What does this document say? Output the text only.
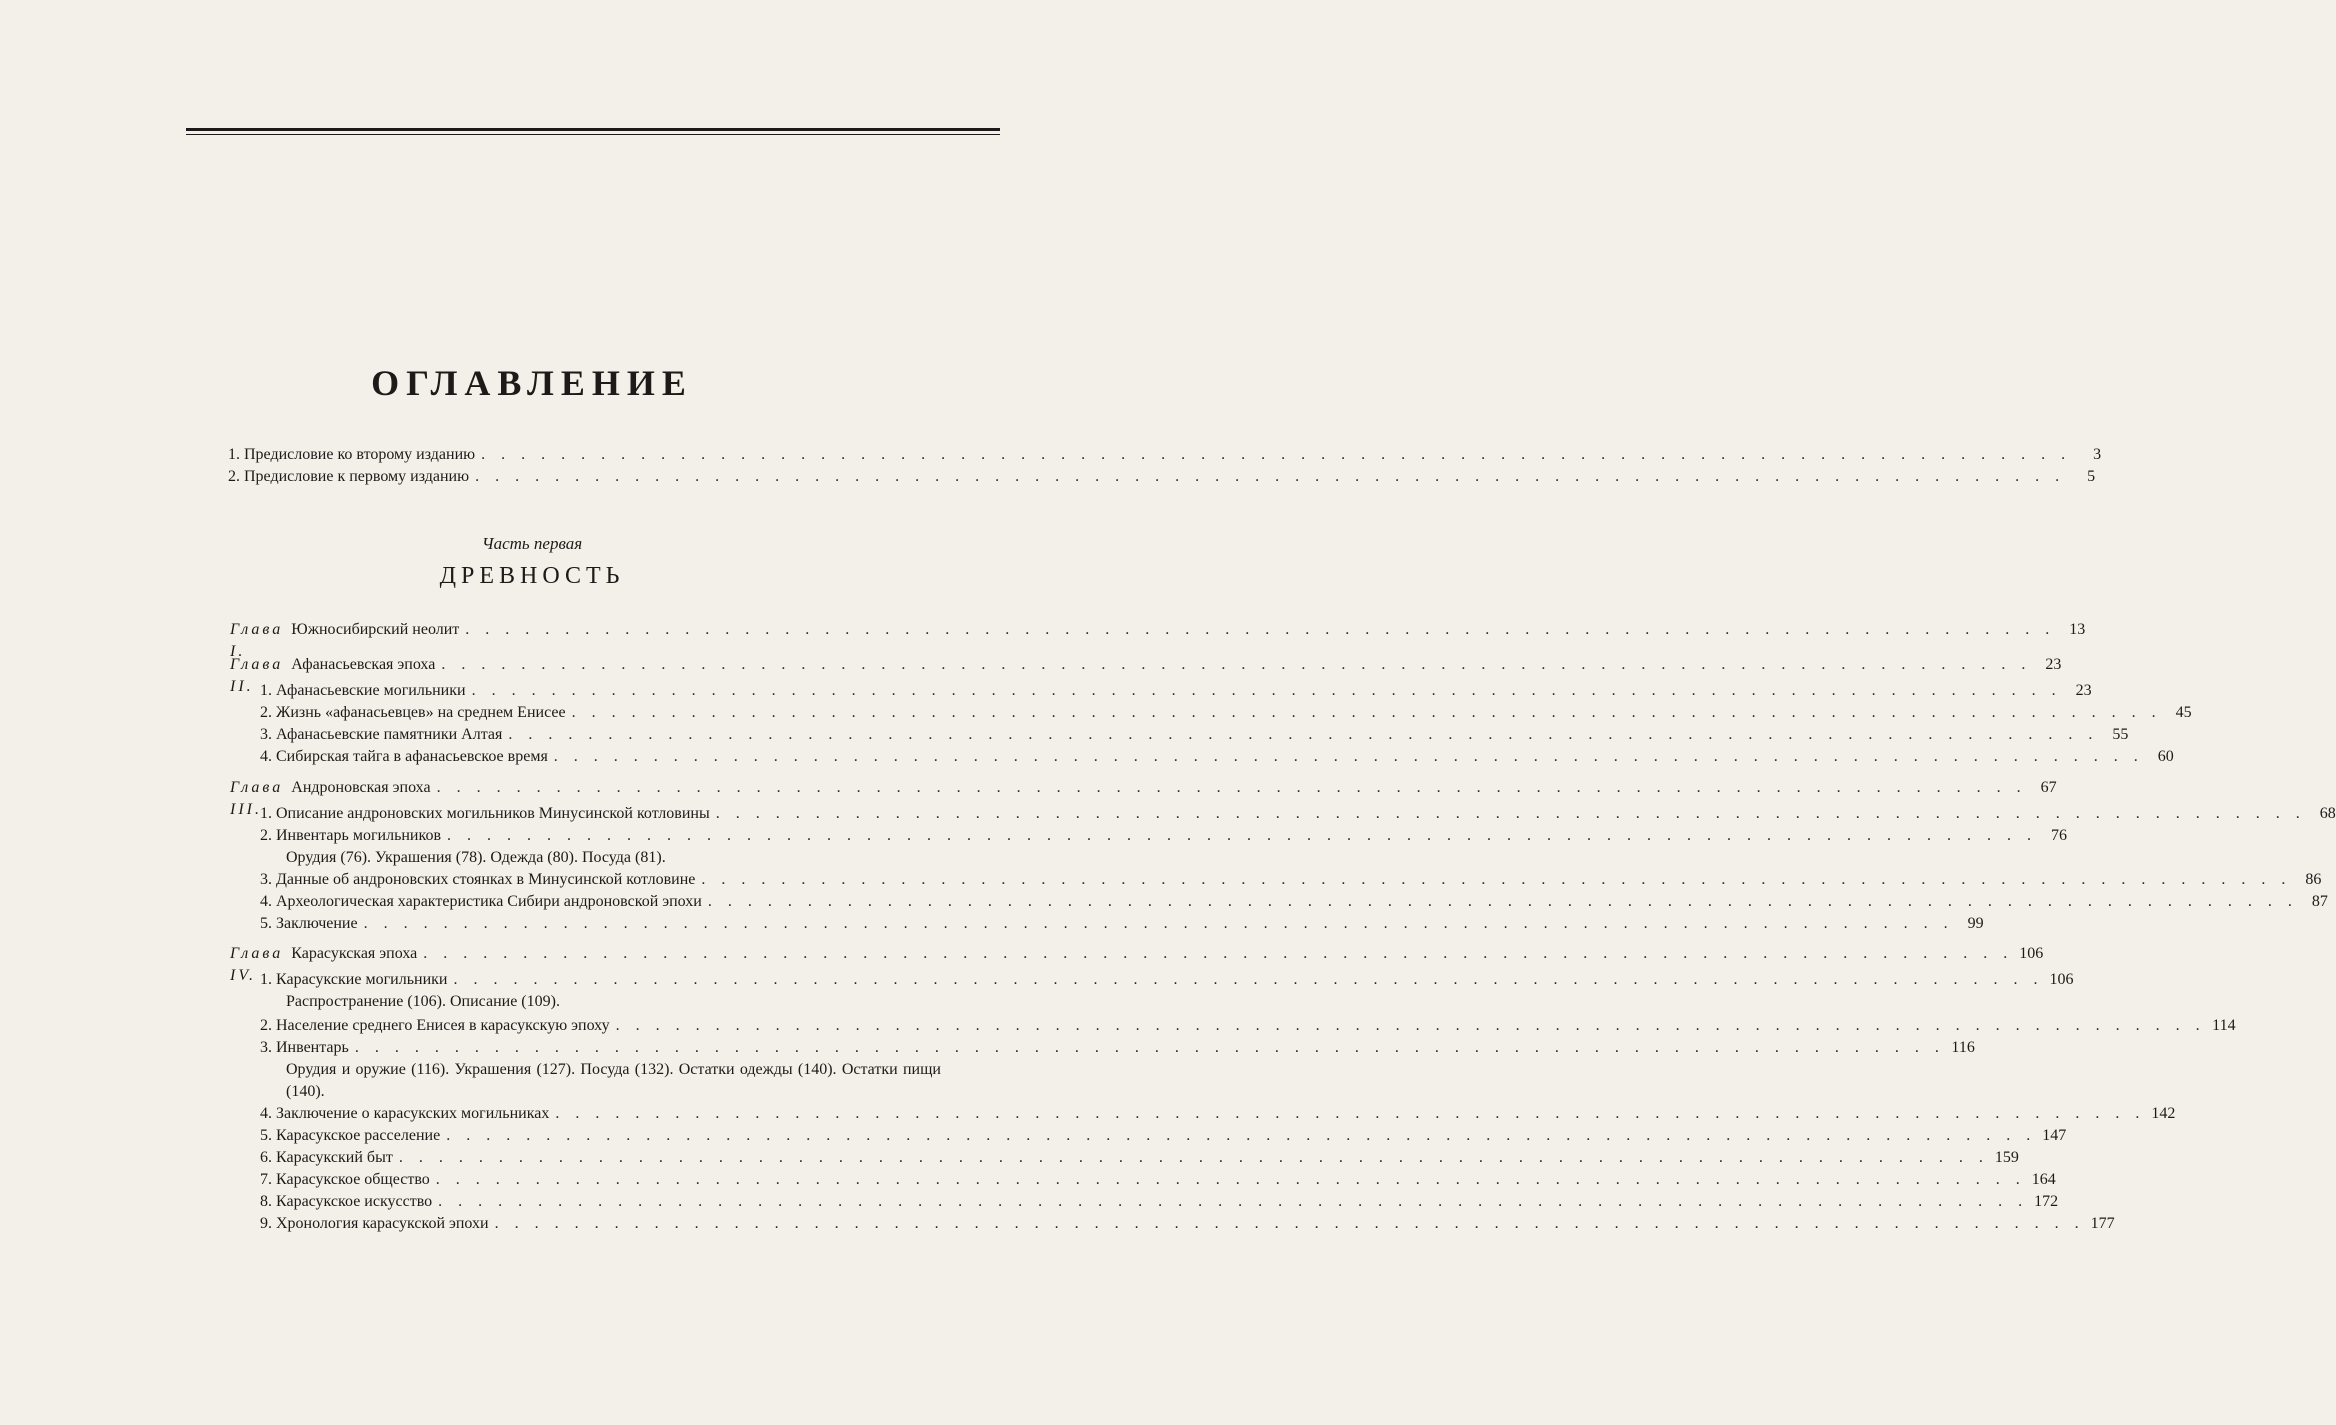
ОГЛАВЛЕНИЕ
1. Предисловие ко второму изданию . . . . . . . . . . . . . . . . . . . . . . . . . . . . . . . . . . . . . . . . . . . . . . . . . . . . . . . . . . . . . . . . . . . . . . . . . . . . . . . .	3
2. Предисловие к первому изданию . . . . . . . . . . . . . . . . . . . . . . . . . . . . . . . . . . . . . . . . . . . . . . . . . . . . . . . . . . . . . . . . . . . . . . . . . . . . . . . .	5
Часть первая
ДРЕВНОСТЬ
Глава I.
Южносибирский неолит . . . . . . . . . . . . . . . . . . . . . . . . . . . . . . . . . . . . . . . . . . . . . . . . . . . . . . . . . . . . . . . . . . . . . . . . . . . . . . . . 13
Глава II.
Афанасьевская эпоха . . . . . . . . . . . . . . . . . . . . . . . . . . . . . . . . . . . . . . . . . . . . . . . . . . . . . . . . . . . . . . . . . . . . . . . . . . . . . . . . 23
1. Афанасьевские могильники . . . . . . . . . . . . . . . . . . . . . . . . . . . . . . . . . . . . . . . . . . . . . . . . . . . . . . . . . . . . . . . . . . . . . . . . . . . . . . . . 23
2. Жизнь «афанасьевцев» на среднем Енисее . . . . . . . . . . . . . . . . . . . . . . . . . . . . . . . . . . . . . . . . . . . . . . . . . . . . . . . . . . . . . . . . . . . . . . . . . . . . . . . . 45
3. Афанасьевские памятники Алтая . . . . . . . . . . . . . . . . . . . . . . . . . . . . . . . . . . . . . . . . . . . . . . . . . . . . . . . . . . . . . . . . . . . . . . . . . . . . . . . . 55
4. Сибирская тайга в афанасьевское время . . . . . . . . . . . . . . . . . . . . . . . . . . . . . . . . . . . . . . . . . . . . . . . . . . . . . . . . . . . . . . . . . . . . . . . . . . . . . . . . 60
Глава III.
Андроновская эпоха . . . . . . . . . . . . . . . . . . . . . . . . . . . . . . . . . . . . . . . . . . . . . . . . . . . . . . . . . . . . . . . . . . . . . . . . . . . . . . . . 67
1. Описание андроновских могильников Минусинской котловины . . . . . . . . . . . . . . . . . . . . . . . . . . . . . . . . . . . . . . . . . . . . . . . . . . . . . . . . . . . . . . . . . . . . . . . . . . . . . . . . 68
2. Инвентарь могильников . . . . . . . . . . . . . . . . . . . . . . . . . . . . . . . . . . . . . . . . . . . . . . . . . . . . . . . . . . . . . . . . . . . . . . . . . . . . . . . . 76
Орудия (76). Украшения (78). Одежда (80). Посуда (81).
3. Данные об андроновских стоянках в Минусинской котловине . . . . . . . . . . . . . . . . . . . . . . . . . . . . . . . . . . . . . . . . . . . . . . . . . . . . . . . . . . . . . . . . . . . . . . . . . . . . . . . . 86
4. Археологическая характеристика Сибири андроновской эпохи . . . . . . . . . . . . . . . . . . . . . . . . . . . . . . . . . . . . . . . . . . . . . . . . . . . . . . . . . . . . . . . . . . . . . . . . . . . . . . . . 87
5. Заключение . . . . . . . . . . . . . . . . . . . . . . . . . . . . . . . . . . . . . . . . . . . . . . . . . . . . . . . . . . . . . . . . . . . . . . . . . . . . . . . . 99
Глава IV.
Карасукская эпоха . . . . . . . . . . . . . . . . . . . . . . . . . . . . . . . . . . . . . . . . . . . . . . . . . . . . . . . . . . . . . . . . . . . . . . . . . . . . . . . . 106
1. Карасукские могильники . . . . . . . . . . . . . . . . . . . . . . . . . . . . . . . . . . . . . . . . . . . . . . . . . . . . . . . . . . . . . . . . . . . . . . . . . . . . . . . . 106
Распространение (106). Описание (109).
2. Население среднего Енисея в карасукскую эпоху . . . . . . . . . . . . . . . . . . . . . . . . . . . . . . . . . . . . . . . . . . . . . . . . . . . . . . . . . . . . . . . . . . . . . . . . . . . . . . . . 114
3. Инвентарь . . . . . . . . . . . . . . . . . . . . . . . . . . . . . . . . . . . . . . . . . . . . . . . . . . . . . . . . . . . . . . . . . . . . . . . . . . . . . . . . 116
Орудия и оружие (116). Украшения (127). Посуда (132). Остатки одежды (140). Остатки пищи (140).
4. Заключение о карасукских могильниках . . . . . . . . . . . . . . . . . . . . . . . . . . . . . . . . . . . . . . . . . . . . . . . . . . . . . . . . . . . . . . . . . . . . . . . . . . . . . . . . 142
5. Карасукское расселение . . . . . . . . . . . . . . . . . . . . . . . . . . . . . . . . . . . . . . . . . . . . . . . . . . . . . . . . . . . . . . . . . . . . . . . . . . . . . . . . 147
6. Карасукский быт . . . . . . . . . . . . . . . . . . . . . . . . . . . . . . . . . . . . . . . . . . . . . . . . . . . . . . . . . . . . . . . . . . . . . . . . . . . . . . . . 159
7. Карасукское общество . . . . . . . . . . . . . . . . . . . . . . . . . . . . . . . . . . . . . . . . . . . . . . . . . . . . . . . . . . . . . . . . . . . . . . . . . . . . . . . . 164
8. Карасукское искусство . . . . . . . . . . . . . . . . . . . . . . . . . . . . . . . . . . . . . . . . . . . . . . . . . . . . . . . . . . . . . . . . . . . . . . . . . . . . . . . . 172
9. Хронология карасукской эпохи . . . . . . . . . . . . . . . . . . . . . . . . . . . . . . . . . . . . . . . . . . . . . . . . . . . . . . . . . . . . . . . . . . . . . . . . . . . . . . . . 177
